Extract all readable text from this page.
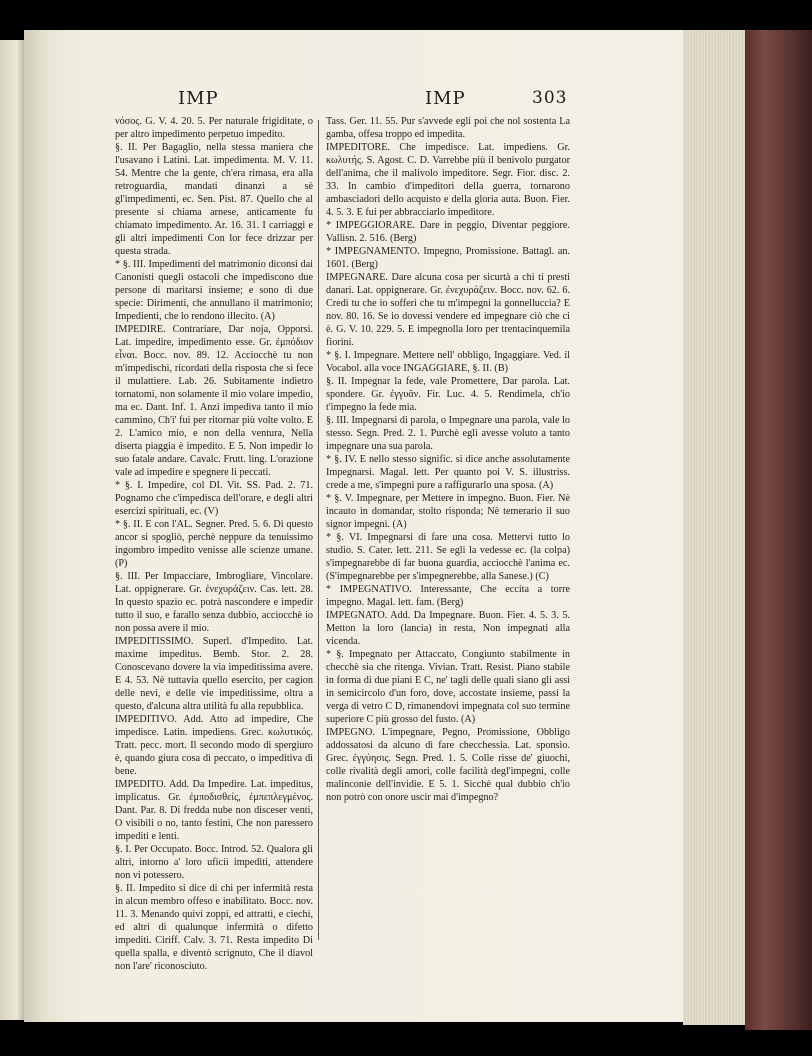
IMP	IMP	303

νόσος. G. V. 4. 20. 5. Per naturale frigiditate, o per altro impedimento perpetuo impedito.

§. II. Per Bagaglio, nella stessa maniera che l'usavano i Latini. Lat. impedimenta. M. V. 11. 54. Mentre che la gente, ch'era rimasa, era alla retroguardia, mandati dinanzi a sè gl'impedimenti, ec. Sen. Pist. 87. Quello che al presente si chiama arnese, anticamente fu chiamato impedimento. Ar. 16. 31. I carriaggi e gli altri impedimenti Con lor fece drizzar per questa strada.

* §. III. Impedimenti del matrimonio diconsi dai Canonisti quegli ostacoli che impediscono due persone di maritarsi insieme; e sono di due specie: Dirimenti, che annullano il matrimonio; Impedienti, che lo rendono illecito. (A)

IMPEDIRE. Contrariare, Dar noja, Opporsi. Lat. impedire, impedimento esse. Gr. ἐμπόδιον εἶναι. Bocc. nov. 89. 12. Acciocchè tu non m'impedischi, ricordati della risposta che si fece il mulattiere. Lab. 26. Subitamente indietro tornatomi, non solamente il mio volare impedio, ma ec. Dant. Inf. 1. Anzi impediva tanto il mio cammino, Ch'i' fui per ritornar più volte volto. E 2. L'amico mio, e non della ventura, Nella diserta piaggia è impedito. E 5. Non impedir lo suo fatale andare. Cavalc. Frutt. ling. L'orazione vale ad impedire e spegnere li peccati.

* §. I. Impedire, col DI. Vit. SS. Pad. 2. 71. Pognamo che c'impedisca dell'orare, e degli altri esercizi spirituali, ec. (V)

* §. II. E con l'AL. Segner. Pred. 5. 6. Di questo ancor si spogliò, perchè neppure da tenuissimo ingombro impedito venisse alle scienze umane. (P)

§. III. Per Impacciare, Imbrogliare, Vincolare. Lat. oppignerare. Gr. ἐνεχυράζειν. Cas. lett. 28. In questo spazio ec. potrà nascondere e impedir tutto il suo, e farallo senza dubbio, acciocchè io non possa avere il mio.

IMPEDITISSIMO. Superl. d'Impedito. Lat. maxime impeditus. Bemb. Stor. 2. 28. Conoscevano dovere la via impeditissima avere. E 4. 53. Nè tuttavia quello esercito, per cagion delle nevi, e delle vie impeditissime, oltra a questo, d'alcuna altra utilità fu alla repubblica.

IMPEDITIVO. Add. Atto ad impedire, Che impedisce. Latin. impediens. Grec. κωλυτικός. Tratt. pecc. mort. Il secondo modo di spergiuro è, quando giura cosa di peccato, o impeditiva di bene.

IMPEDITO. Add. Da Impedire. Lat. impeditus, implicatus. Gr. ἐμποδισθείς, ἐμπεπλεγμένος. Dant. Par. 8. Di fredda nube non disceser venti, O visibili o no, tanto festini, Che non paressero impediti e lenti.

§. I. Per Occupato. Bocc. Introd. 52. Qualora gli altri, intorno a' loro uficii impediti, attendere non vi potessero.

§. II. Impedito si dice di chi per infermità resta in alcun membro offeso e inabilitato. Bocc. nov. 11. 3. Menando quivi zoppi, ed attratti, e ciechi, ed altri di qualunque infermità o difetto impediti. Ciriff. Calv. 3. 71. Resta impedito Di quella spalla, e diventò scrignuto, Che il diavol non l'are' riconosciuto.

Tass. Ger. 11. 55. Pur s'avvede egli poi che nol sostenta La gamba, offesa troppo ed impedita.

IMPEDITORE. Che impedisce. Lat. impediens. Gr. κωλυτής. S. Agost. C. D. Varrebbe più il benivolo purgator dell'anima, che il malivolo impeditore. Segr. Fior. disc. 2. 33. In cambio d'impeditori della guerra, tornarono ambasciadori dello acquisto e della gloria auta. Buon. Fier. 4. 5. 3. E fui per abbracciarlo impeditore.

* IMPEGGIORARE. Dare in peggio, Diventar peggiore. Vallisn. 2. 516. (Berg)

* IMPEGNAMENTO. Impegno, Promissione. Battagl. an. 1601. (Berg)

IMPEGNARE. Dare alcuna cosa per sicurtà a chi ti presti danari. Lat. oppignerare. Gr. ἐνεχυράζειν. Bocc. nov. 62. 6. Credi tu che io sofferi che tu m'impegni la gonnelluccia? E nov. 80. 16. Se io dovessi vendere ed impegnare ciò che ci è. G. V. 10. 229. 5. E impegnolla loro per trentacinquemila fiorini.

* §. I. Impegnare. Mettere nell' obbligo, Ingaggiare. Ved. il Vocabol. alla voce INGAGGIARE, §. II. (B)

§. II. Impegnar la fede, vale Promettere, Dar parola. Lat. spondere. Gr. ἐγγυᾶν. Fir. Luc. 4. 5. Rendimela, ch'io t'impegno la fede mia.

§. III. Impegnarsi di parola, o Impegnare una parola, vale lo stesso. Segn. Pred. 2. 1. Purchè egli avesse voluto a tanto impegnare una sua parola.

* §. IV. E nello stesso signific. si dice anche assolutamente Impegnarsi. Magal. lett. Per quanto poi V. S. illustriss. crede a me, s'impegni pure a raffigurarlo una sposa. (A)

* §. V. Impegnare, per Mettere in impegno. Buon. Fier. Nè incauto in domandar, stolto risponda; Nè temerario il suo signor impegni. (A)

* §. VI. Impegnarsi di fare una cosa. Mettervi tutto lo studio. S. Cater. lett. 211. Se egli la vedesse ec. (la colpa) s'impegnarebbe di far buona guardia, acciocchè l'anima ec. (S'impegnarebbe per s'impegnerebbe, alla Sanese.) (C)

* IMPEGNATIVO. Interessante, Che eccita a torre impegno. Magal. lett. fam. (Berg)

IMPEGNATO. Add. Da Impegnare. Buon. Fier. 4. 5. 3. 5. Metton la loro (lancia) in resta, Non impegnati alla vicenda.

* §. Impegnato per Attaccato, Congiunto stabilmente in checchè sia che ritenga. Vivian. Tratt. Resist. Piano stabile in forma di due piani E C, ne' tagli delle quali siano gli assi in semicircolo d'un foro, dove, accostate insieme, passi la verga di vetro C D, rimanendovi impegnata col suo termine superiore C più grosso del fusto. (A)

IMPEGNO. L'impegnare, Pegno, Promissione, Obbligo addossatosi da alcuno di fare checchessia. Lat. sponsio. Grec. ἐγγύησις. Segn. Pred. 1. 5. Colle risse de' giuochi, colle rivalità degli amori, colle facilità degl'impegni, colle malinconie dell'invidie. E 5. 1. Sicchè qual dubbio ch'io non potrò con onore uscir mai d'impegno?
